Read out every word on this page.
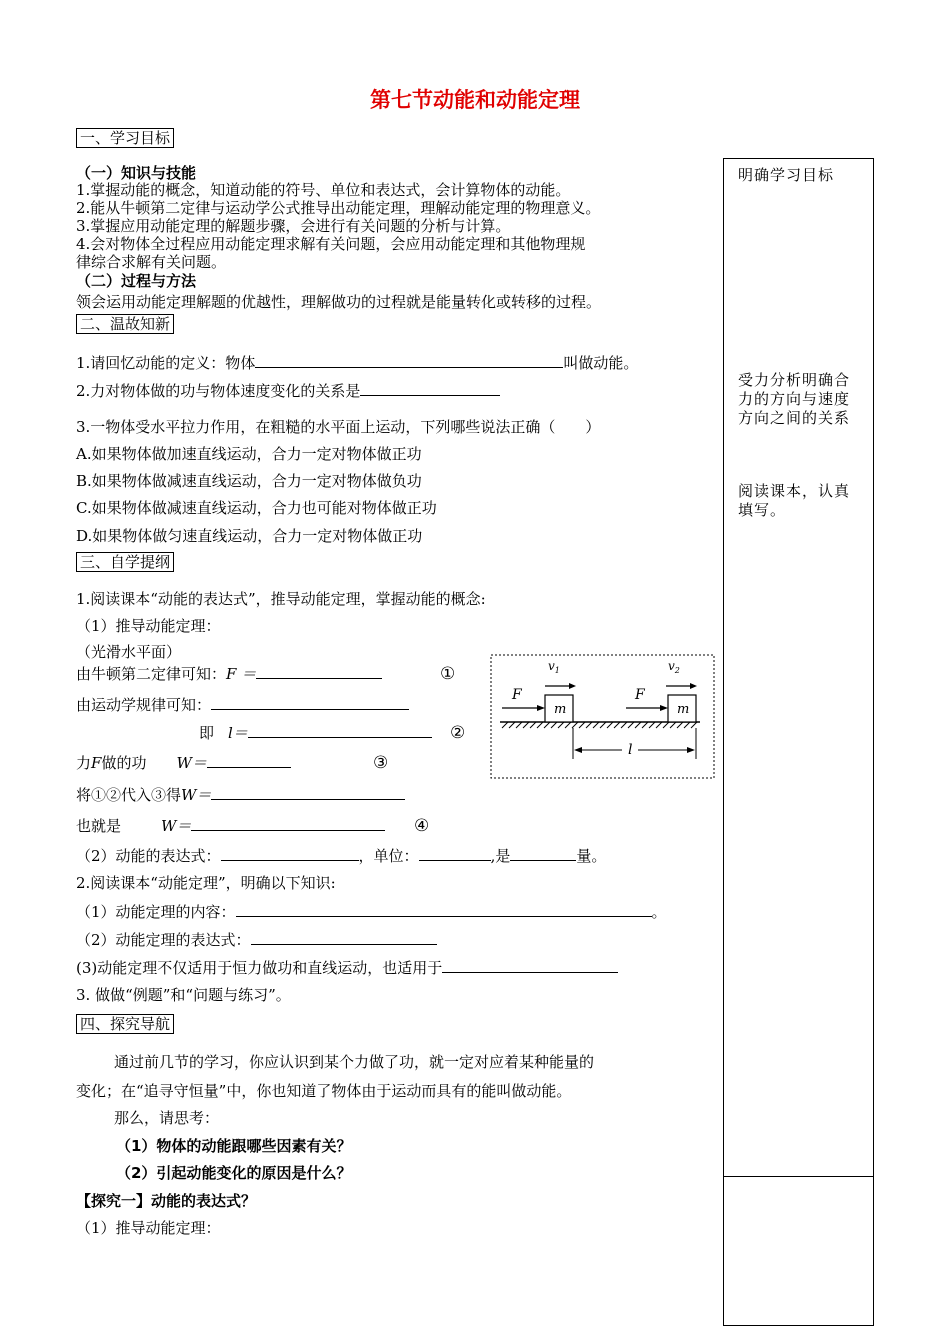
第七节动能和动能定理
明确学习目标
受力分析明确合力的方向与速度方向之间的关系
阅读课本，认真填写。
一、学习目标
（一）知识与技能
1.掌握动能的概念，知道动能的符号、单位和表达式，会计算物体的动能。
2.能从牛顿第二定律与运动学公式推导出动能定理，理解动能定理的物理意义。
3.掌握应用动能定理的解题步骤，会进行有关问题的分析与计算。
4.会对物体全过程应用动能定理求解有关问题，会应用动能定理和其他物理规
律综合求解有关问题。
（二）过程与方法
领会运用动能定理解题的优越性，理解做功的过程就是能量转化或转移的过程。
二、温故知新
1.请回忆动能的定义：物体	叫做动能。
2.力对物体做的功与物体速度变化的关系是
3.一物体受水平拉力作用，在粗糙的水平面上运动，下列哪些说法正确（　　）
A.如果物体做加速直线运动，合力一定对物体做正功
B.如果物体做减速直线运动，合力一定对物体做负功
C.如果物体做减速直线运动，合力也可能对物体做正功
D.如果物体做匀速直线运动，合力一定对物体做正功
三、自学提纲
1.阅读课本“动能的表达式”，推导动能定理，掌握动能的概念:
（1）推导动能定理：
（光滑水平面）
由牛顿第二定律可知：F ＝	①
由运动学规律可知：
即 l＝	②
力F做的功 W＝	③
将①②代入③得W＝
也就是	W＝	④
（2）动能的表达式：	，单位：	,是	量。
2.阅读课本“动能定理”，明确以下知识:
（1）动能定理的内容：	。
（2）动能定理的表达式：
(3)动能定理不仅适用于恒力做功和直线运动，也适用于
3. 做做“例题”和“问题与练习”。
m	m
F	F
$v_1$	$v_2$
l
四、探究导航
通过前几节的学习，你应认识到某个力做了功，就一定对应着某种能量的
变化；在“追寻守恒量”中，你也知道了物体由于运动而具有的能叫做动能。
那么，请思考：
（1）物体的动能跟哪些因素有关？
（2）引起动能变化的原因是什么？
【探究一】动能的表达式？
（1）推导动能定理：
